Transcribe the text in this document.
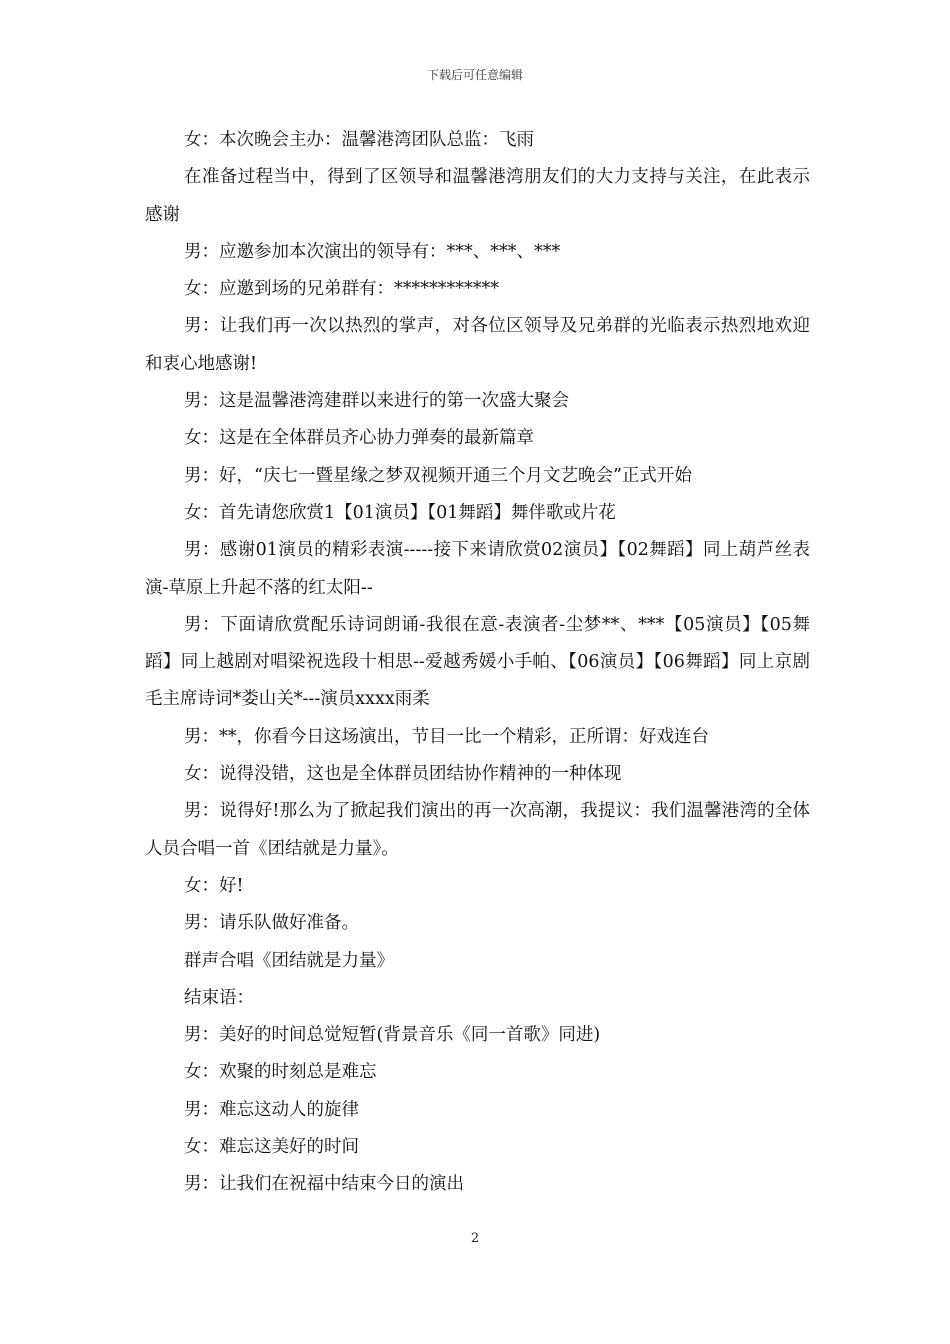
下载后可任意编辑

女：本次晚会主办：温馨港湾团队总监：飞雨

在准备过程当中，得到了区领导和温馨港湾朋友们的大力支持与关注，在此表示感谢

男：应邀参加本次演出的领导有：***、***、***

女：应邀到场的兄弟群有：************

男：让我们再一次以热烈的掌声，对各位区领导及兄弟群的光临表示热烈地欢迎和衷心地感谢!

男：这是温馨港湾建群以来进行的第一次盛大聚会

女：这是在全体群员齐心协力弹奏的最新篇章

男：好，“庆七一暨星缘之梦双视频开通三个月文艺晚会”正式开始

女：首先请您欣赏1【01演员】【01舞蹈】舞伴歌或片花

男：感谢01演员的精彩表演-----接下来请欣赏02演员】【02舞蹈】同上葫芦丝表演-草原上升起不落的红太阳--

男：下面请欣赏配乐诗词朗诵-我很在意-表演者-尘梦**、***【05演员】【05舞蹈】同上越剧对唱梁祝选段十相思--爱越秀媛小手帕、【06演员】【06舞蹈】同上京剧毛主席诗词*娄山关*---演员xxxx雨柔

男：**，你看今日这场演出，节目一比一个精彩，正所谓：好戏连台

女：说得没错，这也是全体群员团结协作精神的一种体现

男：说得好!那么为了掀起我们演出的再一次高潮，我提议：我们温馨港湾的全体人员合唱一首《团结就是力量》。

女：好!

男：请乐队做好准备。

群声合唱《团结就是力量》

结束语：

男：美好的时间总觉短暂(背景音乐《同一首歌》同进)

女：欢聚的时刻总是难忘

男：难忘这动人的旋律

女：难忘这美好的时间

男：让我们在祝福中结束今日的演出

2
